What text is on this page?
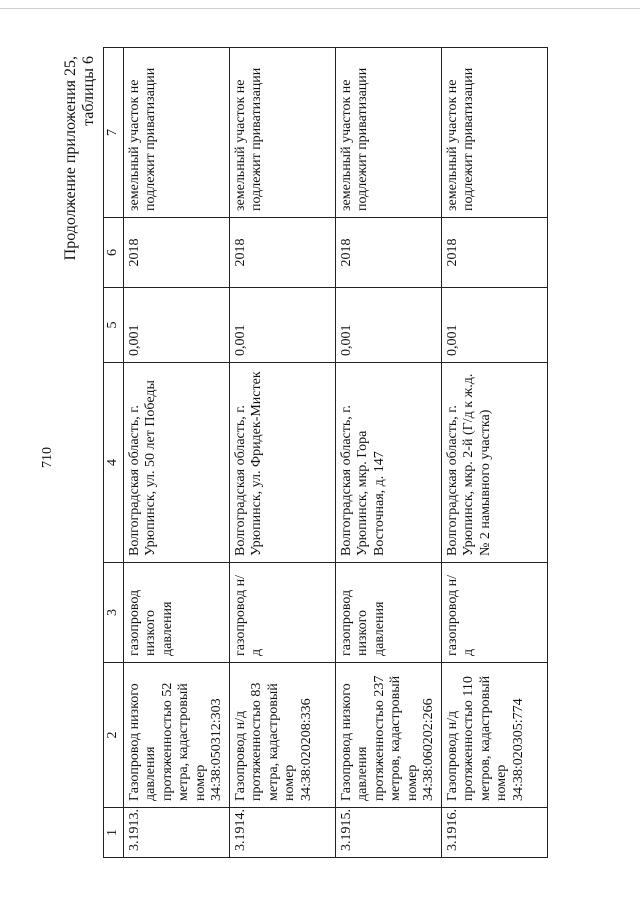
710
Продолжение приложения 25, таблицы 6
1	2	3	4	5	6	7
3.1913.	Газопровод низкого давления протяженностью 52 метра, кадастровый номер 34:38:050312:303	газопровод низкого давления	Волгоградская область, г. Урюпинск, ул. 50 лет Победы	0,001	2018	земельный участок не подлежит приватизации
3.1914.	Газопровод н/д протяженностью 83 метра, кадастровый номер 34:38:020208:336	газопровод н/д	Волгоградская область, г. Урюпинск, ул. Фридек-Мистек	0,001	2018	земельный участок не подлежит приватизации
3.1915.	Газопровод низкого давления протяженностью 237 метров, кадастровый номер 34:38:060202:266	газопровод низкого давления	Волгоградская область, г. Урюпинск, мкр. Гора Восточная, д. 147	0,001	2018	земельный участок не подлежит приватизации
3.1916.	Газопровод н/д протяженностью 110 метров, кадастровый номер 34:38:020305:774	газопровод н/д	Волгоградская область, г. Урюпинск, мкр. 2-й (Г/д к ж.д. № 2 намывного участка)	0,001	2018	земельный участок не подлежит приватизации
